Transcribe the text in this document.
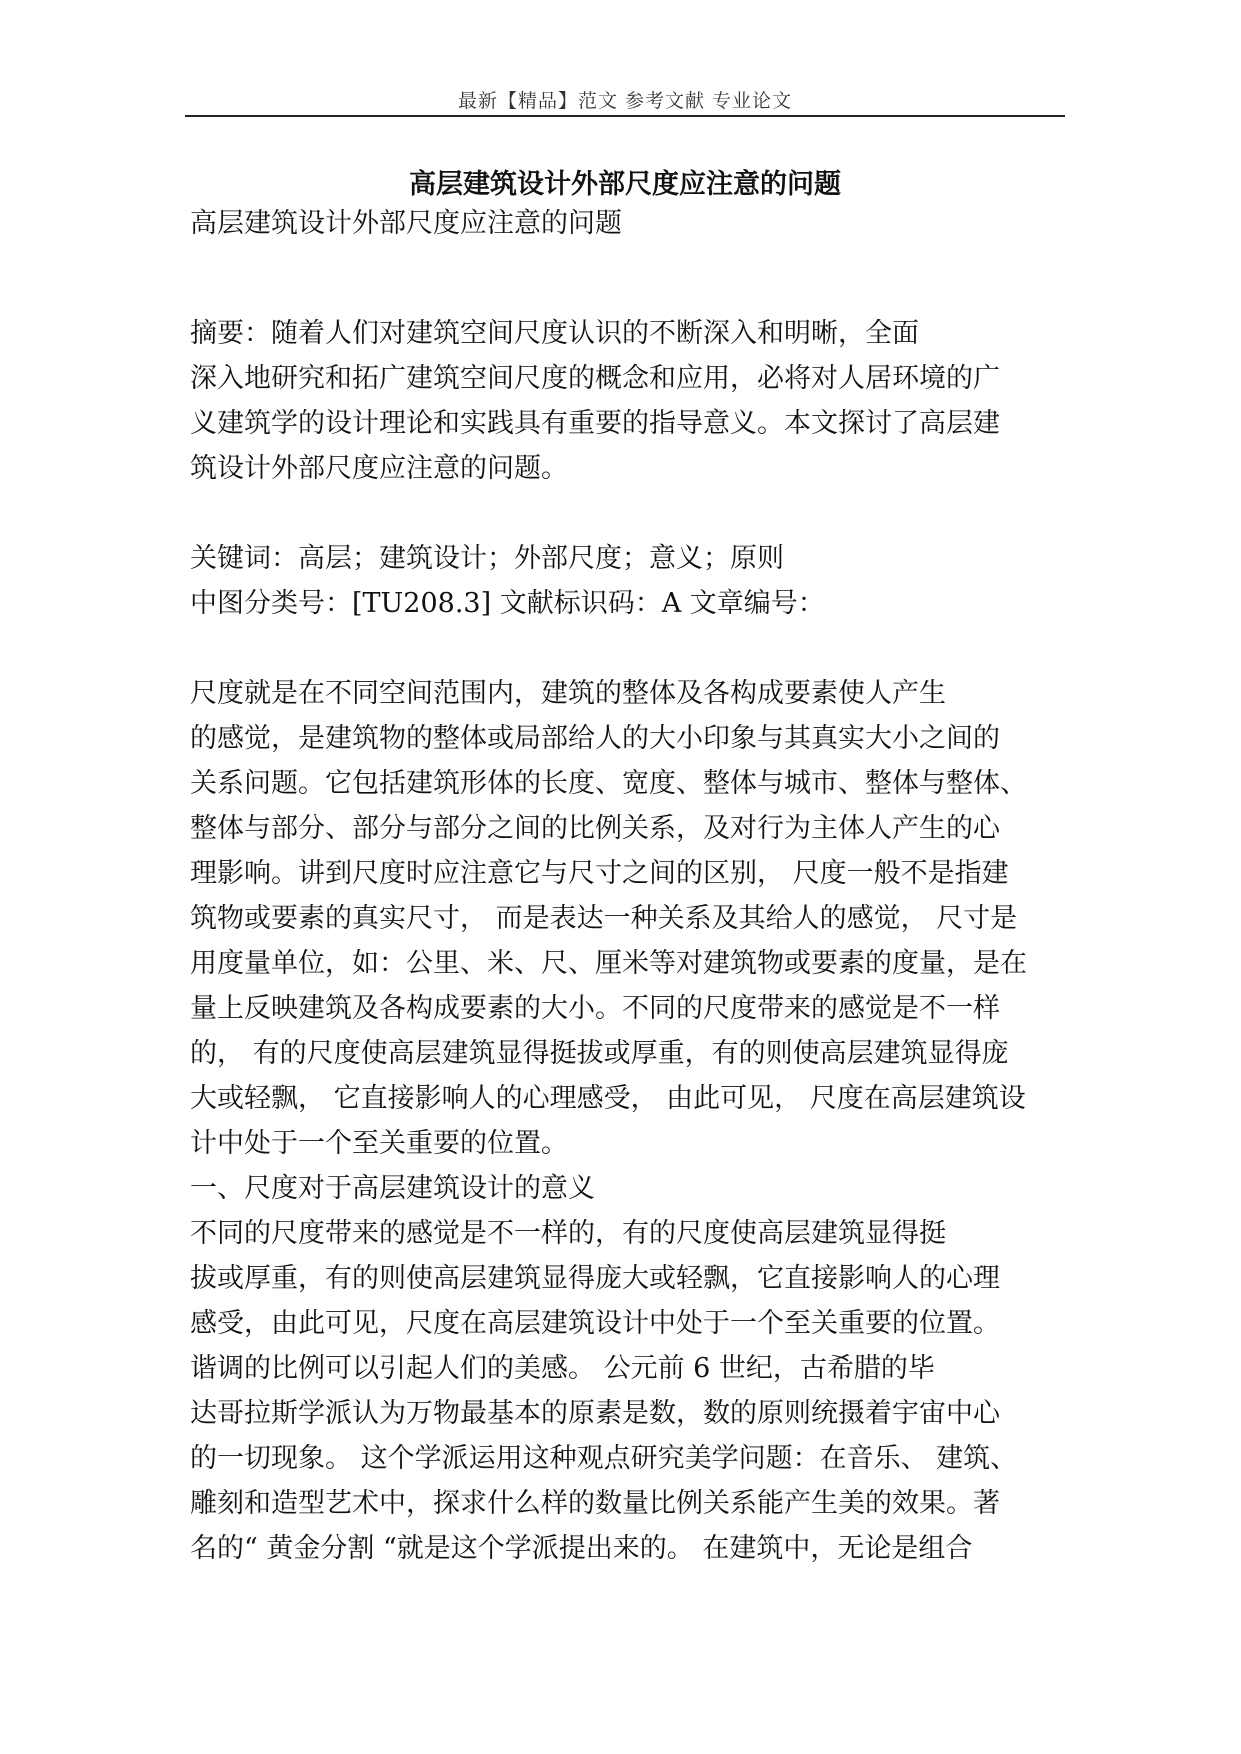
最新【精品】范文 参考文献 专业论文
高层建筑设计外部尺度应注意的问题
高层建筑设计外部尺度应注意的问题
摘要：随着人们对建筑空间尺度认识的不断深入和明晰，全面
深入地研究和拓广建筑空间尺度的概念和应用，必将对人居环境的广
义建筑学的设计理论和实践具有重要的指导意义。本文探讨了高层建
筑设计外部尺度应注意的问题。
关键词：高层；建筑设计；外部尺度；意义；原则
中图分类号：[TU208.3] 文献标识码：A 文章编号：
尺度就是在不同空间范围内，建筑的整体及各构成要素使人产生
的感觉，是建筑物的整体或局部给人的大小印象与其真实大小之间的
关系问题。它包括建筑形体的长度、宽度、整体与城市、整体与整体、
整体与部分、部分与部分之间的比例关系，及对行为主体人产生的心
理影响。讲到尺度时应注意它与尺寸之间的区别， 尺度一般不是指建
筑物或要素的真实尺寸， 而是表达一种关系及其给人的感觉， 尺寸是
用度量单位，如：公里、米、尺、厘米等对建筑物或要素的度量，是在
量上反映建筑及各构成要素的大小。不同的尺度带来的感觉是不一样
的， 有的尺度使高层建筑显得挺拔或厚重，有的则使高层建筑显得庞
大或轻飘， 它直接影响人的心理感受， 由此可见， 尺度在高层建筑设
计中处于一个至关重要的位置。
一、尺度对于高层建筑设计的意义
不同的尺度带来的感觉是不一样的，有的尺度使高层建筑显得挺
拔或厚重，有的则使高层建筑显得庞大或轻飘，它直接影响人的心理
感受，由此可见，尺度在高层建筑设计中处于一个至关重要的位置。
谐调的比例可以引起人们的美感。 公元前 6 世纪，古希腊的毕
达哥拉斯学派认为万物最基本的原素是数，数的原则统摄着宇宙中心
的一切现象。 这个学派运用这种观点研究美学问题：在音乐、 建筑、
雕刻和造型艺术中，探求什么样的数量比例关系能产生美的效果。著
名的“ 黄金分割 “就是这个学派提出来的。 在建筑中，无论是组合
